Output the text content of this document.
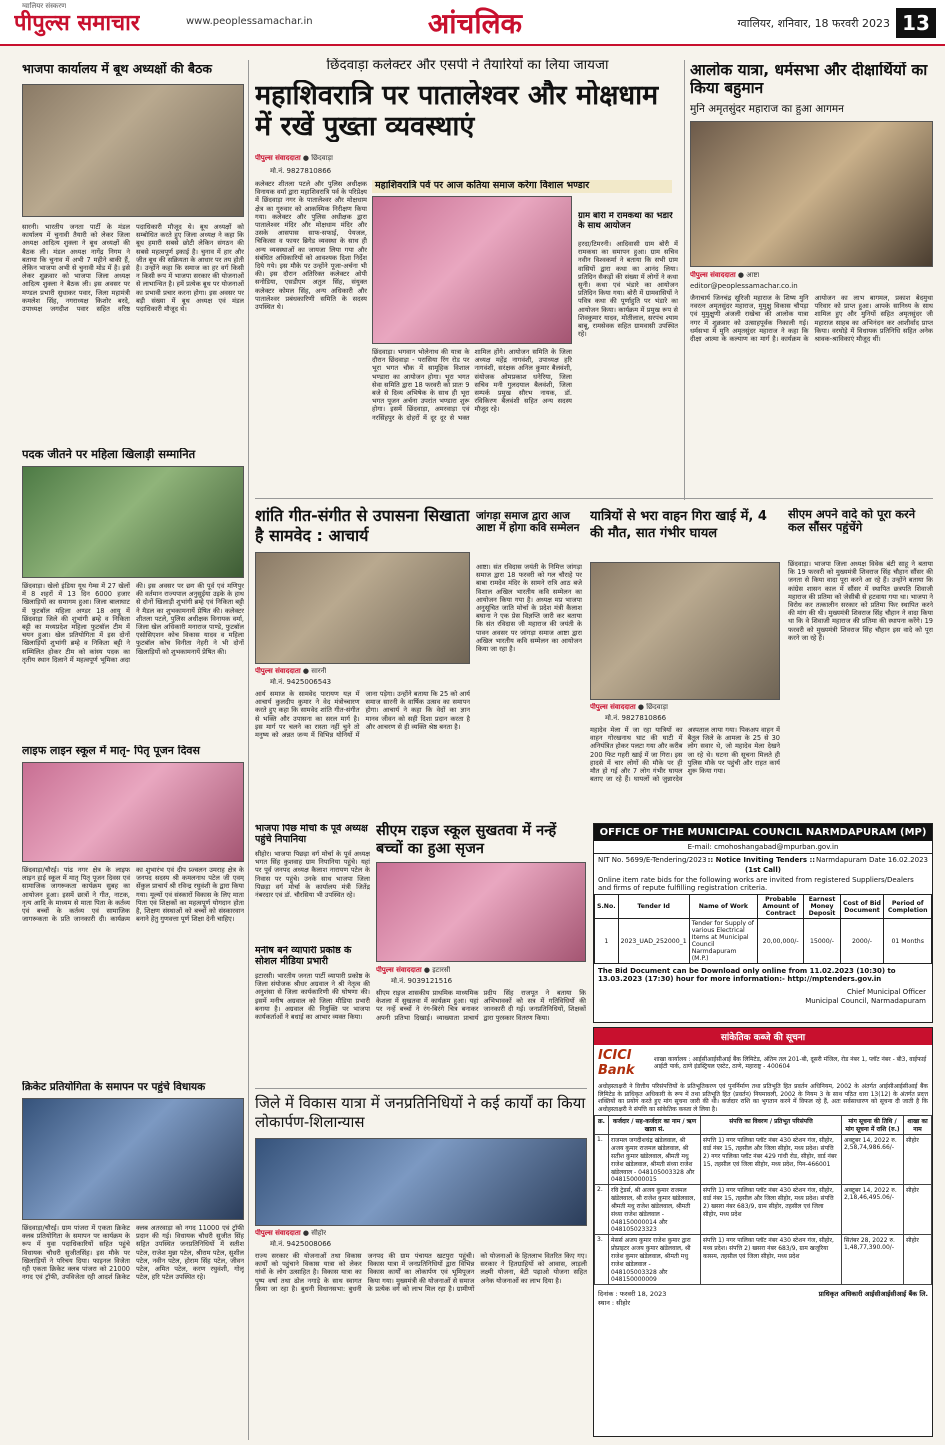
ग्वालियर संस्करण
पीपुल्स समाचार	www.peoplessamachar.in	आंचलिक	ग्वालियर, शनिवार, 18 फरवरी 2023 13
भाजपा कार्यालय में बूथ अध्यक्षों की बैठक
सारनी। भारतीय जनता पार्टी के मंडल कार्यालय में चुनावी तैयारी को लेकर जिला अध्यक्ष आदित्य शुक्ला ने बूथ अध्यक्षों की बैठक ली। मंडल अध्यक्ष नागेंद्र निगम ने बताया कि चुनाव में अभी 7 महीने बाकी हैं, लेकिन भाजपा अभी से चुनावी मोड में है। इसे लेकर शुक्रवार को भाजपा जिला अध्यक्ष आदित्य शुक्ला ने बैठक ली। इस अवसर पर मण्डल प्रभारी सुधाकर पवार, जिला महामंत्री कमलेश सिंह, नगराध्यक्ष किशोर बरदे, उपाध्यक्ष जगदीश पवार सहित वरिष्ठ पदाधिकारी मौजूद थे। बूथ अध्यक्षों को सम्बोधित करते हुए जिला अध्यक्ष ने कहा कि बूथ हमारी सबसे छोटी लेकिन संगठन की सबसे महत्वपूर्ण इकाई है। चुनाव में हार और जीत बूथ की सक्रियता के आधार पर तय होती है। उन्होंने कहा कि समाज का हर वर्ग किसी न किसी रूप में भाजपा सरकार की योजनाओं से लाभान्वित है। हमें प्रत्येक बूथ पर योजनाओं का प्रभावी प्रचार करना होगा। इस अवसर पर बड़ी संख्या में बूथ अध्यक्ष एवं मंडल पदाधिकारी मौजूद थे।
पदक जीतने पर महिला खिलाड़ी सम्मानित
छिंदवाड़ा। खेलो इंडिया यूथ गेम्स में 27 खेलों में 8 शहरों में 13 दिन 6000 हजार खिलाड़ियों का समागम हुआ। जिला बालाघाट में फुटबॉल महिला अण्डर 18 आयु में छिंदवाड़ा जिले की शुभांगी ब्रम्हे व निकिता बट्टी का मध्यप्रदेश महिला फुटबॉल टीम में चयन हुआ। खेल प्रतियोगिता में इस दोनों खिलाड़ियों शुभांगी ब्रम्हे व निकिता बट्टी ने सम्मिलित होकर टीम को कांस्य पदक का तृतीय स्थान दिलाने में महत्वपूर्ण भूमिका अदा की। इस अवसर पर छग की पूर्व एवं मणिपुर की वर्तमान राज्यपाल अनुसुईया उइके के हाथ से दोनों खिलाड़ी शुभांगी ब्रम्हे एवं निकिता बट्टी ने मैडल का शुभकामनायें प्रेषित की। कलेक्टर शीतला पटले, पुलिस अधीक्षक विनायक वर्मा, जिला खेल अधिकारी मनाराज पाण्डे, फुटबॉल एसोसिएशन कोच विकास यादव व महिला फुटबॉल कोच विनीता नेहरी ने भी दोनों खिलाड़ियों को शुभकामनायें प्रेषित की।
लाइफ लाइन स्कूल में मातृ- पितृ पूजन दिवस
छिंदवाड़ा/चौरई। पांढ नगर क्षेत्र के लाइफ लाइन हाई स्कूल में मातृ पितृ पूजन दिवस एवं सामाजिक जागरूकता कार्यक्रम सुबह का आयोजन हुआ। इसमें छात्रों ने गीत, नाटक, नृत्य आदि के माध्यम से माता पिता के कर्तव्य एवं बच्चों के कर्तव्य एवं सामाजिक जागरूकता के प्रति जानकारी दी। कार्यक्रम का शुभारंभ एवं दीप प्र्ज्वलन उमराह क्षेत्र के जनपद सदस्य श्री कमलनाथ पटेल जी एवम् सेंकुल प्राचार्य श्री रविन्द्र रघुवंशी के द्वारा किया गया। मूल्यों एवं संस्कारों विकास के लिए माता पिता एवं शिक्षकों का महत्वपूर्ण योगदान होता है, शिक्षण संस्थाओं को बच्चों को संस्कारवान बनाने हेतु गुणवत्ता पूर्ण शिक्षा देनी चाहिए।
क्रिकेट प्रतियोगिता के समापन पर पहुंचे विधायक
छिंदवाड़ा/चौरई। ग्राम पांजरा में एकता क्रिकेट क्लब प्रतियोगिता के समापन पर कार्यक्रम के रूप में युवा पदाधिकारियों सहित पहुंचे विधायक चौधरी सुजीतसिंह। इस मौके पर खिलाड़ियों ने परिचय दिया। फाइनल विजेता रही एकता क्रिकेट क्लब पांजरा को 21000 नगद एवं ट्रॉफी, उपविजेता रही आदर्श क्रिकेट क्लब अतरवाड़ा को नगद 11000 एवं ट्रॉफी प्रदान की गई। विधायक चौधरी सुजीत सिंह सहित उपस्थित जनप्रतिनिधियों में सतीश पटेल, राजेश मुन्ना पटेल, श्रीराम पटेल, सुशील पटेल, नवीन पटेल, होराम सिंह पटेल, जीवन पटेल, अमित पटेल, करण रघुवंशी, गोलू पटेल, हरि पटेल उपस्थित रहे।
छिंदवाड़ा कलेक्टर और एसपी ने तैयारियों का लिया जायजा
महाशिवरात्रि पर पातालेश्वर और मोक्षधाम में रखें पुख्ता व्यवस्थाएं
पीपुल्स संवाददाता ● छिंदवाड़ा
मो.नं. 9827810866
कलेक्टर शीतला पटले और पुलिस अधीक्षक विनायक वर्मा द्वारा महाशिवरात्रि पर्व के परिप्रेक्ष्य में छिंदवाड़ा नगर के पातालेश्वर और मोक्षधाम क्षेत्र का गुरुवार को आकस्मिक निरीक्षण किया गया। कलेक्टर और पुलिस अधीक्षक द्वारा पातालेश्वर मंदिर और मोक्षधाम मंदिर और उसके आसपास साफ-सफाई, पेयजल, चिकित्सा व फायर ब्रिगेड व्यवस्था के साथ ही अन्य व्यवस्थाओं का जायजा लिया गया और संबंधित अधिकारियों को आवश्यक दिशा निर्देश दिये गये। इस मौके पर उन्होंने पूजा-अर्चना भी की। इस दौरान अतिरिक्त कलेक्टर ओपी सनोडिया, एसडीएम अतुल सिंह, संयुक्त कलेक्टर कोमल सिंह, अन्य अधिकारी और पातालेश्वर प्रबंधकारिणी समिति के सदस्य उपस्थित थे।
महाशिवरात्रि पर्व पर आज कतिया समाज करेगा विशाल भण्डार
छिंदवाड़ा। भगवान भोलेनाथ की यात्रा के दौरान छिंदवाड़ा - परासिया रिंग रोड पर भूरा भगत चौक में सामूहिक विशाल भण्डारा का आयोजन होगा। भूरा भगत सेवा समिति द्वारा 18 फरवरी को प्रातः 9 बजे से दिव्य अभिषेक के साथ ही भूरा भगत पूजन अर्चना उपरांत भण्डारा शुरू होगा। इसमें छिंदवाड़ा, अमरवाड़ा एवं नरसिंहपुर के दोहरों में दूर दूर से भक्त शामिल होंगे। आयोजन समिति के जिला अध्यक्ष महेंद्र नागवंशी, उपाध्यक्ष हरि नागवंशी, सरंक्षक अनिल कुमार बैलवंशी, संयोजक ओमप्रकाश धनेरिया, जिला सचिव मनी गुलदयाल बैलवंशी, जिला सम्पर्क प्रमुख सौरभ नायक, डॉ. रविकिरण बैलवंशी सहित अन्य सदस्य मौजूद रहे।
ग्राम बोरी में रामकथा का भंडारे के साथ आयोजन
हरदा/टिमरनी। आदिवासी ग्राम बोरी में रामकथा का समापन हुआ। ग्राम सचिव नवीन विश्वकर्मा ने बताया कि सभी ग्राम वासियों द्वारा कथा का आनंद लिया। प्रतिदिन सैकड़ों की संख्या में लोगों ने कथा सुनी। कथा एवं भंडारे का आयोजन प्रतिदिन किया गया। बोरी में ग्रामवासियों ने पवित्र कथा की पूर्णाहुति पर भंडारे का आयोजन किया। कार्यक्रम में प्रमुख रूप से शिवकुमार यादव, मोतीलाल, सरपंच श्याम बाबू, रामसेवक सहित ग्रामवासी उपस्थित रहे।
आलोक यात्रा, धर्मसभा और दीक्षार्थियों का किया बहुमान
मुनि अमृतसुंदर महाराज का हुआ आगमन
पीपुल्स संवाददाता ● आष्टा
editor@peoplessamachar.co.in
जैनाचार्य जिनचंद्र सूरिजी महाराज के शिष्य मुनि नवरत्न अमृतसुंदर महाराज, मुमुक्षु विकास चौपड़ा एवं मुमुक्षुणी अंजली राखेचा की आलोक यात्रा नगर में शुक्रवार को उत्साहपूर्वक निकाली गई। धर्मसभा में मुनि अमृतसुंदर महाराज ने कहा कि दीक्षा आत्मा के कल्याण का मार्ग है। कार्यक्रम के आयोजन का लाभ बागमल, प्रकाश बेदमुथा परिवार को प्राप्त हुआ। आपके सानिध्य के साथ शामिल हुए और मुनियों सहित अमृतसुंदर जी महाराज साहब का अभिनंदन कर आशीर्वाद प्राप्त किया। वरघोड़े में विधायक प्रतिनिधि सहित अनेक श्रावक-श्राविकाएं मौजूद थीं।
शांति गीत-संगीत से उपासना सिखाता है सामवेद : आचार्य
पीपुल्स संवाददाता ● सारनी
मो.नं. 9425006543
आर्य समाज के सामवेद पारायण यज्ञ में आचार्य कुलदीप कुमार ने वेद मंत्रोच्चारण करते हुए कहा कि सामवेद शांति गीत-संगीत से भक्ति और उपासना का सरल मार्ग है। इस मार्ग पर चलने का रास्ता नहीं चुने तो मनुष्य को अन्नत जन्म में विभिन्न योनियों में जाना पड़ेगा। उन्होंने बताया कि 25 को आर्य समाज सारनी के वार्षिक उत्सव का समापन होगा। आचार्य ने कहा कि वेदों का ज्ञान मानव जीवन को सही दिशा प्रदान करता है और आचरण से ही व्यक्ति श्रेष्ठ बनता है।
जांगड़ा समाज द्वारा आज आष्टा में होगा कवि सम्मेलन
आष्टा। संत रविदास जयंती के निमित्त जांगड़ा समाज द्वारा 18 फरवरी को गल चौराहे पर बाबा रामदेव मंदिर के सामने रात्रि आठ बजे विशाल अखिल भारतीय कवि सम्मेलन का आयोजन किया गया है। अध्यक्ष मप्र भाजपा अनुसूचित जाति मोर्चा के प्रदेश मंत्री कैलाश बघाना ने एक प्रेस विज्ञप्ति जारी कर बताया कि संत रविदास जी महाराज की जयंती के पावन अवसर पर जांगड़ा समाज आष्टा द्वारा अखिल भारतीय कवि सम्मेलन का आयोजन किया जा रहा है।
यात्रियों से भरा वाहन गिरा खाई में, 4 की मौत, सात गंभीर घायल
पीपुल्स संवाददाता ● छिंदवाड़ा
मो.नं. 9827810866
महादेव मेला में जा रहा यात्रियों का वाहन गोरखनाथ घाट की घाटी में अनियंत्रित होकर पलटा गया और करीब 200 फिट गहरी खाई में जा गिरा। इस हादसे में चार लोगों की मौके पर ही मौत हो गई और 7 लोग गंभीर घायल बताए जा रहे हैं। घायलों को जुन्नारदेव अस्पताल लाया गया। पिकअप वाहन में बैतूल जिले के आमला के 25 से 30 लोग सवार थे, जो महादेव मेला देखने जा रहे थे। घटना की सूचना मिलते ही पुलिस मौके पर पहुंची और राहत कार्य शुरू किया गया।
सीएम अपने वादे को पूरा करने कल सौंसर पहुंचेंगे
छिंदवाड़ा। भाजपा जिला अध्यक्ष विवेक बंटी साहू ने बताया कि 19 फरवरी को मुख्यमंत्री शिवराज सिंह चौहान सौंसर की जनता से किया वादा पूरा करने आ रहे हैं। उन्होंने बताया कि कांग्रेस शासन काल में सौंसर में स्थापित छत्रपति शिवाजी महाराज की प्रतिमा को जेसीबी से हटवाया गया था। भाजपा ने विरोध कर तत्कालीन सरकार को प्रतिमा फिर स्थापित करने की मांग की थी। मुख्यमंत्री शिवराज सिंह चौहान ने वादा किया था कि वे शिवाजी महाराज की प्रतिमा की स्थापना करेंगे। 19 फरवरी को मुख्यमंत्री शिवराज सिंह चौहान इस वादे को पूरा करने जा रहे हैं।
भाजपा पिछ मोर्चा के पूर्व अध्यक्ष पहुंचे निपानिया
सीहोर। भाजपा पिछड़ा वर्ग मोर्चा के पूर्व अध्यक्ष भगत सिंह कुशवाह ग्राम निपानिया पहुंचे। यहां पर पूर्व जनपद अध्यक्ष कैलाश नारायण पटेल के निवास पर पहुंचे। उनके साथ भाजपा जिला पिछड़ा वर्ग मोर्चा के कार्यालय मंत्री जितेंद्र नंबरदार एवं डॉ. चौरसिया भी उपस्थित रहे।
मनीष बने व्यापारी प्रकोष्ठ के सोशल मीडिया प्रभारी
इटारसी। भारतीय जनता पार्टी व्यापारी प्रकोष्ठ के जिला संयोजक श्रीधर अग्रवाल ने श्री नेतृत्व की अनुशंसा से जिला कार्यकारिणी की घोषणा की। इसमें मनीष अग्रवाल को जिला मीडिया प्रभारी बनाया है। अग्रवाल की नियुक्ति पर भाजपा कार्यकर्ताओं ने बधाई का आभार व्यक्त किया।
सीएम राइज स्कूल सुखतवा में नन्हें बच्चों का हुआ सृजन
पीपुल्स संवाददाता ● इटारसी
मो.नं. 9039121516
सीएम राइज शासकीय प्राथमिक माध्यमिक केशला में सुखतवा में कार्यक्रम हुआ। यहां पर नन्हें बच्चों ने रंग-बिरंगे चित्र बनाकर अपनी प्रतिभा दिखाई। व्याख्याता प्राचार्य प्रदीप सिंह राजपूत ने बताया कि अभिभावकों को सत्र में गतिविधियों की जानकारी दी गई। जनप्रतिनिधियों, शिक्षकों द्वारा पुरस्कार वितरण किया।
जिले में विकास यात्रा में जनप्रतिनिधियों ने कई कार्यों का किया लोकार्पण-शिलान्यास
पीपुल्स संवाददाता ● सीहोर
मो.नं. 9425008066
राज्य सरकार की योजनाओं तथा विकास कार्यों को पहुंचाने विकास यात्रा को लेकर गांवों के लोग उत्साहित है। विकास यात्रा का पुष्प वर्षा तथा ढोल नगाड़े के साथ स्वागत किया जा रहा है। बुधनी विधानसभा: बुधनी जनपद की ग्राम पंचायत खटपुरा पहुंची। विकास यात्रा में जनप्रतिनिधियों द्वारा विभिन्न विकास कार्यों का लोकार्पण एवं भूमिपूजन किया गया। मुख्यमंत्री की योजनाओं से समाज के प्रत्येक वर्ग को लाभ मिल रहा है। ग्रामीणों को योजनाओं के हितलाभ वितरित किए गए। सरकार ने हितग्राहियों को आवास, लाड़ली लक्ष्मी योजना, बेटी पढ़ाओ योजना सहित अनेक योजनाओं का लाभ दिया है।
OFFICE OF THE MUNICIPAL COUNCIL NARMDAPURAM (MP)
E-mail: cmohoshangabad@mpurban.gov.in
NIT No. 5699/E-Tendering/2023 :: Notice Inviting Tenders :: Narmdapuram Date 16.02.2023
(1st Call)
Online item rate bids for the following works are invited from registered Suppliers/Dealers and firms of repute fulfilling registration criteria.
S.No.	Tender Id	Name of Work	Probable Amount of Contract	Earnest Money Deposit	Cost of Bid Document	Period of Completion
1	2023_UAD_252000_1	Tender for Supply of various Electrical Items at Municipal Council Narmdapuram (M.P.)	20,00,000/-	15000/-	2000/-	01 Months
The Bid Document can be Download only online from 11.02.2023 (10:30) to 13.03.2023 (17:30) hour for more information:- http://mptenders.gov.in
Chief Municipal Officer
Municipal Council, Narmadapuram
सांकेतिक कब्जे की सूचना
ICICI Bank
शाखा कार्यालय : आईसीआईसीआई बैंक लिमिटेड, अंतिम तल 201-बी, दूसरी मंजिल, रोड नंबर 1, प्लॉट नंबर - बी3, वाईफाई आईटी पार्क, ठाणे इंडस्ट्रियल एस्टेट, ठाणे, महाराष्ट्र - 400604
अधोहस्ताक्षरी ने वित्तीय परिसंपत्तियों के प्रतिभूतिकरण एवं पुनर्निर्माण तथा प्रतिभूति हित प्रवर्तन अधिनियम, 2002 के अंतर्गत आईसीआईसीआई बैंक लिमिटेड के प्राधिकृत अधिकारी के रूप में तथा प्रतिभूति हित (प्रवर्तन) नियमावली, 2002 के नियम 3 के साथ पठित धारा 13(12) के अंतर्गत प्रदत्त शक्तियों का प्रयोग करते हुए मांग सूचना जारी की थी। कर्जदार राशि का भुगतान करने में विफल रहे हैं, अतः सर्वसाधारण को सूचना दी जाती है कि अधोहस्ताक्षरी ने संपत्ति का सांकेतिक कब्जा ले लिया है।
क्र.	कर्जदार / सह-कर्जदार का नाम / ऋण खाता सं.	संपत्ति का विवरण / प्रतिभूत परिसंपत्ति	मांग सूचना की तिथि / मांग सूचना में राशि (रु.)	शाखा का नाम
1.	राजमल जगदीशचंद्र खंडेलवाल, श्री अजय कुमार राजमल खंडेलवाल, श्री सतीश कुमार खंडेलवाल, श्रीमती मधु राजेश खंडेलवाल, श्रीमती संध्या राजेश खंडेलवाल - 048105003328 और 048150000015	संपत्ति 1) नगर पालिका प्लॉट नंबर 430 स्टेशन गंज, सीहोर, वार्ड नंबर 15, तहसील और जिला सीहोर, मध्य प्रदेश। संपत्ति 2) नगर पालिका प्लॉट नंबर 429 गांधी रोड, सीहोर, वार्ड नंबर 15, तहसील एवं जिला सीहोर, मध्य प्रदेश, पिन-466001	अक्टूबर 14, 2022 रु. 2,58,74,986.66/-	सीहोर
2.	रवि ट्रेडर्स, श्री अजय कुमार राजमल खंडेलवाल, श्री राजेश कुमार खंडेलवाल, श्रीमती मधु राजेश खंडेलवाल, श्रीमती संध्या राजेश खंडेलवाल - 048150000014 और 048105023323	संपत्ति 1) नगर पालिका प्लॉट नंबर 430 स्टेशन गंज, सीहोर, वार्ड नंबर 15, तहसील और जिला सीहोर, मध्य प्रदेश। संपत्ति 2) खसरा नंबर 683/9, ग्राम सीहोर, तहसील एवं जिला सीहोर, मध्य प्रदेश	अक्टूबर 14, 2022 रु. 2,18,46,495.06/-	सीहोर
3.	मेसर्स अजय कुमार राजेश कुमार द्वारा प्रोप्राइटर अजय कुमार खंडेलवाल, श्री राजेश कुमार खंडेलवाल, श्रीमती मधु राजेश खंडेलवाल - 048105003328 और 048150000009	संपत्ति 1) नगर पालिका प्लॉट नंबर 430 स्टेशन गंज, सीहोर, मध्य प्रदेश। संपत्ति 2) खसरा नंबर 683/9, ग्राम खजूरिया कासम, तहसील एवं जिला सीहोर, मध्य प्रदेश	सितंबर 28, 2022 रु. 1,48,77,390.00/-	सीहोर
दिनांक : फरवरी 18, 2023
स्थान : सीहोर
प्राधिकृत अधिकारी आईसीआईसीआई बैंक लि.
